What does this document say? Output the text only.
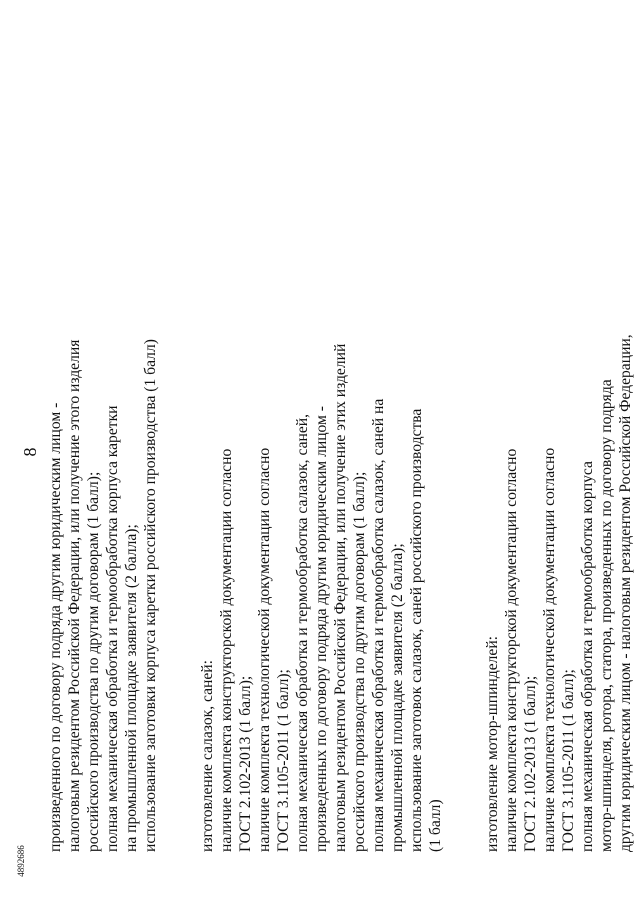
8 произведенного по договору подряда другим юридическим лицом - налоговым резидентом Российской Федерации, или получение этого изделия российского производства по другим договорам (1 балл); полная механическая обработка и термообработка корпуса каретки на промышленной площадке заявителя (2 балла); использование заготовки корпуса каретки российского производства (1 балл)	изготовление салазок, саней: наличие комплекта конструкторской документации согласно ГОСТ 2.102-2013 (1 балл); наличие комплекта технологической документации согласно ГОСТ 3.1105-2011 (1 балл); полная механическая обработка и термообработка салазок, саней, произведенных по договору подряда другим юридическим лицом - налоговым резидентом Российской Федерации, или получение этих изделий российского производства по другим договорам (1 балл); полная механическая обработка и термообработка салазок, саней на промышленной площадке заявителя (2 балла); использование заготовок салазок, саней российского производства (1 балл)	изготовление мотор-шпинделей: наличие комплекта конструкторской документации согласно ГОСТ 2.102-2013 (1 балл); наличие комплекта технологической документации согласно ГОСТ 3.1105-2011 (1 балл); полная механическая обработка и термообработка корпуса мотор-шпинделя, ротора, статора, произведенных по договору подряда другим юридическим лицом - налоговым резидентом Российской Федерации,
4892686
